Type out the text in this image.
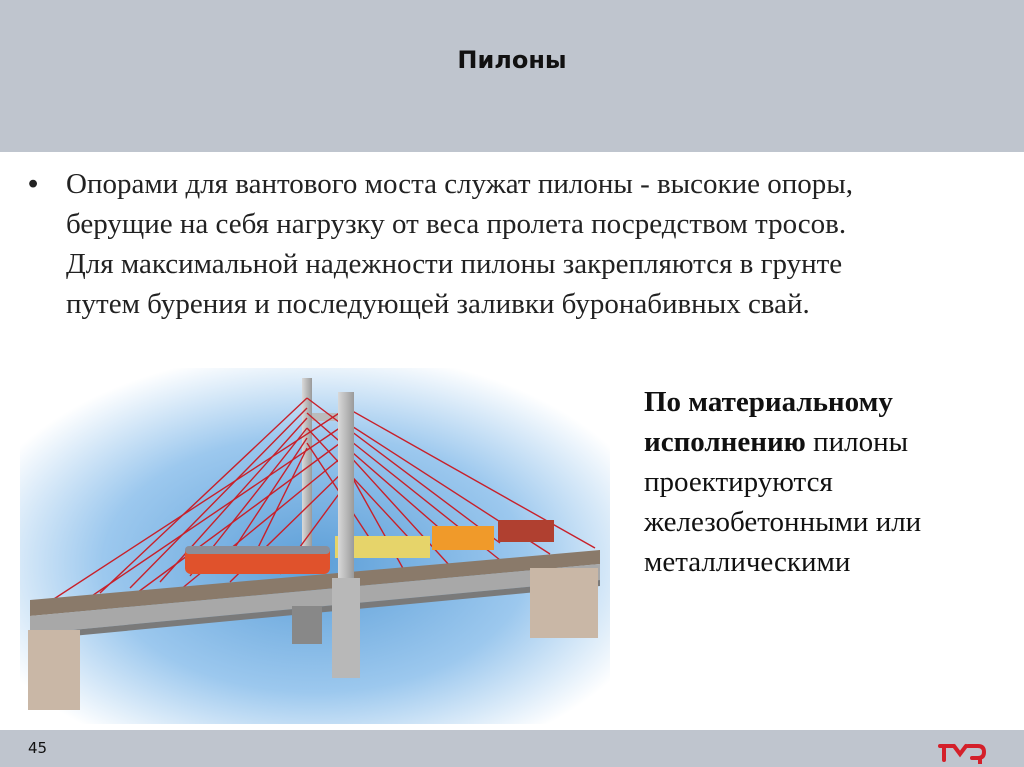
Пилоны
• Опорами для вантового моста служат пилоны - высокие опоры, берущие на себя нагрузку от веса пролета посредством тросов. Для максимальной надежности пилоны закрепляются в грунте путем бурения и последующей заливки буронабивных свай.
По материальному исполнению пилоны проектируются железобетонными или металлическими
45
